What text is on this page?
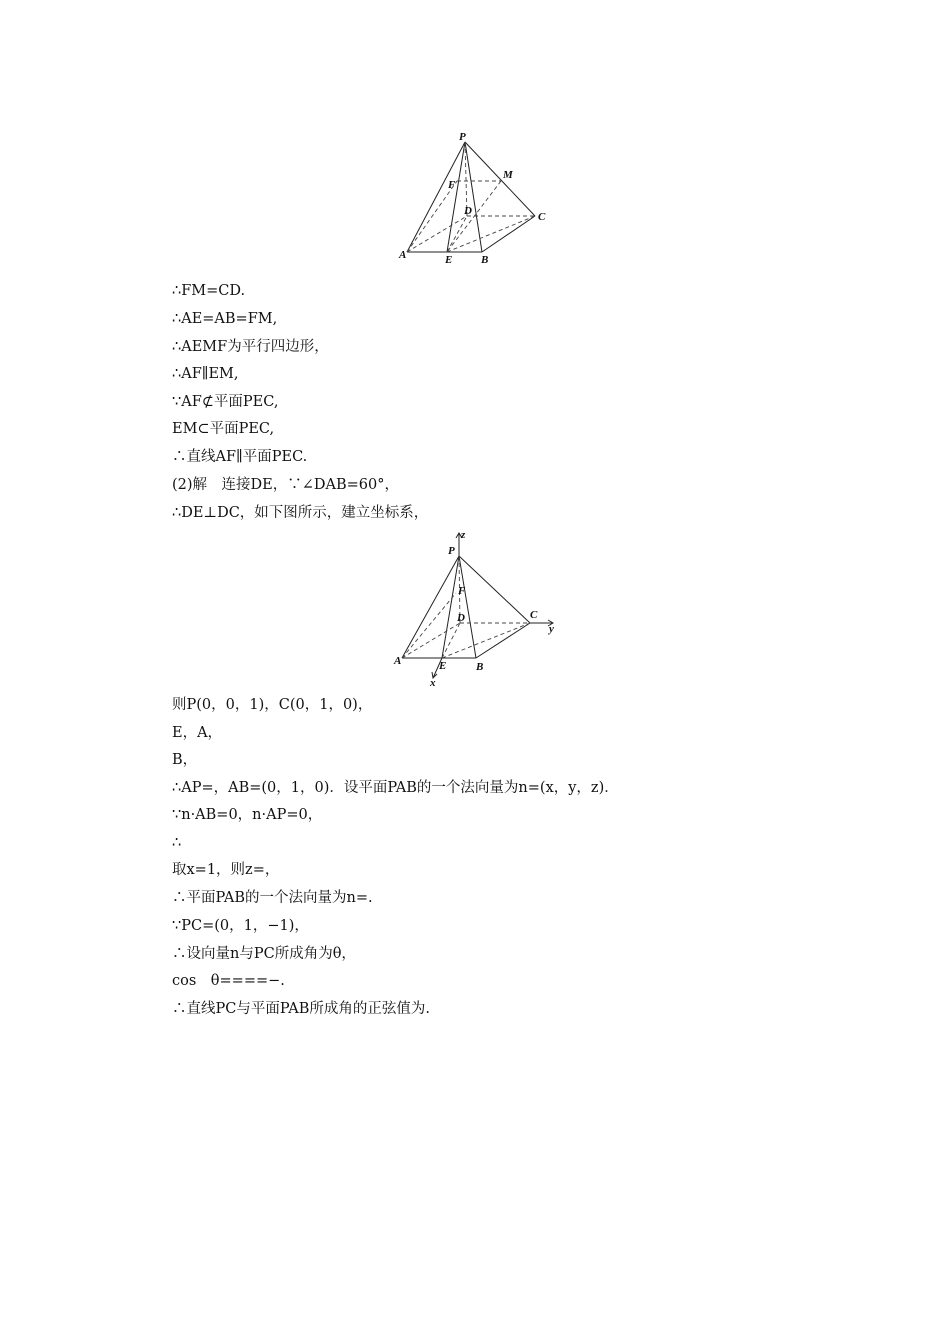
P
M
F
D	C
A	E	B
z
P
F
D	C
y
A	E	B
x
∴FM=CD.
∴AE=AB=FM,
∴AEMF为平行四边形，
∴AF∥EM,
∵AF⊄平面PEC,
EM⊂平面PEC,
∴直线AF∥平面PEC.
(2)解　连接DE，∵∠DAB=60°，
∴DE⊥DC，如下图所示，建立坐标系，
则P(0，0，1)，C(0，1，0)，
E，A，
B，
∴AP=，AB=(0，1，0)．设平面PAB的一个法向量为n=(x，y，z)．
∵n·AB=0，n·AP=0，
∴
取x=1，则z=，
∴平面PAB的一个法向量为n=.
∵PC=(0，1，−1)，
∴设向量n与PC所成角为θ，
cos　θ====−.
∴直线PC与平面PAB所成角的正弦值为.
